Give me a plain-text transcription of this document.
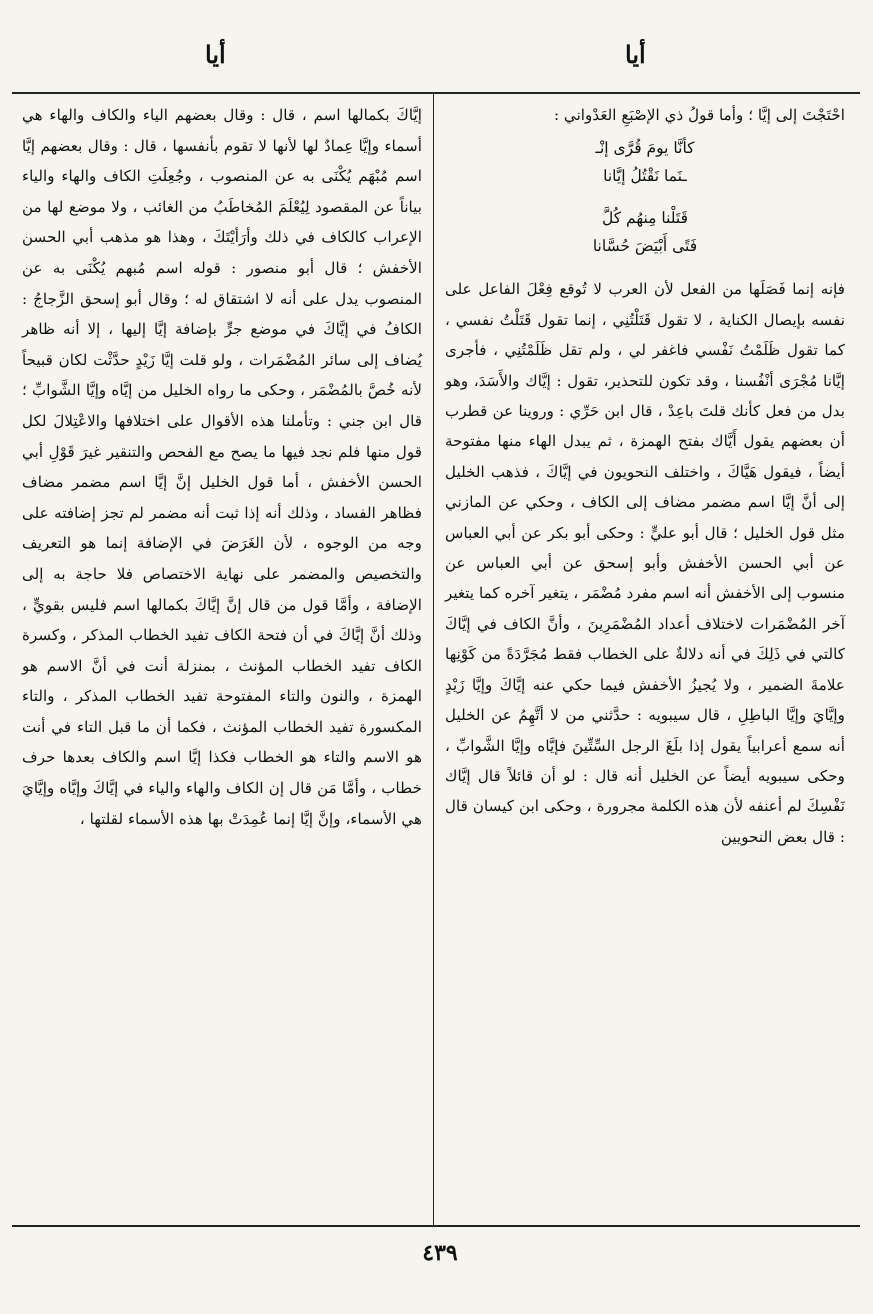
أيا	أيا

احْتَجْتَ إلى إيَّا ؛ وأما قولُ ذي الإصْبَعِ العَدْواني :

كأنَّا يومَ قُرَّى إنْـ

ـنَما نَقْتُلُ إيَّانا

قَتَلْنا مِنهُم كُلَّ

فَتًى أَبْيَضَ حُسَّانا

فإنه إنما فَصَلَها من الفعل لأن العرب لا تُوقع فِعْلَ الفاعل على نفسه بإيصال الكناية ، لا تقول قَتَلْتُنِي ، إنما تقول قَتَلْتُ نفسي ، كما تقول ظَلَمْتُ نَفْسي فاغفر لي ، ولم تقل ظَلَمْتُنِي ، فأجرى إيَّانا مُجْرَى أنْفُسنا ، وقد تكون للتحذير، تقول : إيَّاك والأَسَدَ، وهو بدل من فعل كأنك قلتَ باعِدْ ، قال ابن حَرِّي : وروينا عن قطرب أن بعضهم يقول أَيَّاك بفتح الهمزة ، ثم يبدل الهاء منها مفتوحة أيضاً ، فيقول هَيَّاكَ ، واختلف النحويون في إيَّاكَ ، فذهب الخليل إلى أنَّ إيَّا اسم مضمر مضاف إلى الكاف ، وحكي عن المازني مثل قول الخليل ؛ قال أبو عليٍّ : وحكى أبو بكر عن أبي العباس عن أبي الحسن الأخفش وأبو إسحق عن أبي العباس عن منسوب إلى الأخفش أنه اسم مفرد مُضْمَر ، يتغير آخره كما يتغير آخر المُضْمَرات لاختلاف أعداد المُضْمَرِينَ ، وأنَّ الكاف في إيَّاكَ كالتي في ذَلِكَ في أنه دلالةٌ على الخطاب فقط مُجَرَّدَةً من كَوْنِها علامةَ الضمير ، ولا يُجيزُ الأخفش فيما حكي عنه إيَّاكَ وإيَّا زَيْدٍ وإيَّايَ وإيَّا الباطِلِ ، قال سيبويه : حدَّثني من لا أتَّهِمُ عن الخليل أنه سمع أعرابياً يقول إذا بلَغَ الرجل السِّتِّينَ فإيَّاه وإيَّا الشَّوابِّ ، وحكى سيبويه أيضاً عن الخليل أنه قال : لو أن قائلاً قال إيَّاك نَفْسِكَ لم أعنفه لأن هذه الكلمة مجرورة ، وحكى ابن كيسان قال : قال بعض النحويين

إيَّاكَ بكمالها اسم ، قال : وقال بعضهم الياء والكاف والهاء هي أسماء وإيَّا عِمادٌ لها لأنها لا تقوم بأنفسها ، قال : وقال بعضهم إيَّا اسم مُبْهَم يُكْنَى به عن المنصوب ، وجُعِلَتِ الكاف والهاء والياء بياناً عن المقصود لِيُعْلَمَ المُخاطَبُ من الغائب ، ولا موضع لها من الإعراب كالكاف في ذلك وأرَأيْتَكَ ، وهذا هو مذهب أبي الحسن الأخفش ؛ قال أبو منصور : قوله اسم مُبهم يُكْنَى به عن المنصوب يدل على أنه لا اشتقاق له ؛ وقال أبو إسحق الزَّجاجُ : الكافُ في إيَّاكَ في موضع جرٍّ بإضافة إيَّا إليها ، إلا أنه ظاهر يُضاف إلى سائر المُضْمَرات ، ولو قلت إيَّا زَيْدٍ حدَّثْت لكان قبيحاً لأنه خُصَّ بالمُضْمَر ، وحكى ما رواه الخليل من إيَّاه وإيَّا الشَّوابِّ ؛ قال ابن جني : وتأملنا هذه الأقوال على اختلافها والاعْتِلالَ لكل قول منها فلم نجد فيها ما يصح مع الفحص والتنقير غيرَ قَوْلِ أبي الحسن الأخفش ، أما قول الخليل إنَّ إيَّا اسم مضمر مضاف فظاهر الفساد ، وذلك أنه إذا ثبت أنه مضمر لم تجز إضافته على وجه من الوجوه ، لأن الغَرَضَ في الإضافة إنما هو التعريف والتخصيص والمضمر على نهاية الاختصاص فلا حاجة به إلى الإضافة ، وأمَّا قول من قال إنَّ إيَّاكَ بكمالها اسم فليس بقويٍّ ، وذلك أنَّ إيَّاكَ في أن فتحة الكاف تفيد الخطاب المذكر ، وكسرة الكاف تفيد الخطاب المؤنث ، بمنزلة أنت في أنَّ الاسم هو الهمزة ، والنون والتاء المفتوحة تفيد الخطاب المذكر ، والتاء المكسورة تفيد الخطاب المؤنث ، فكما أن ما قبل التاء في أنت هو الاسم والتاء هو الخطاب فكذا إيَّا اسم والكاف بعدها حرف خطاب ، وأمَّا مَن قال إن الكاف والهاء والياء في إيَّاكَ وإيَّاه وإيَّايَ هي الأسماء، وإنَّ إيَّا إنما عُمِدَتْ بها هذه الأسماء لقلتها ،

٤٣٩
